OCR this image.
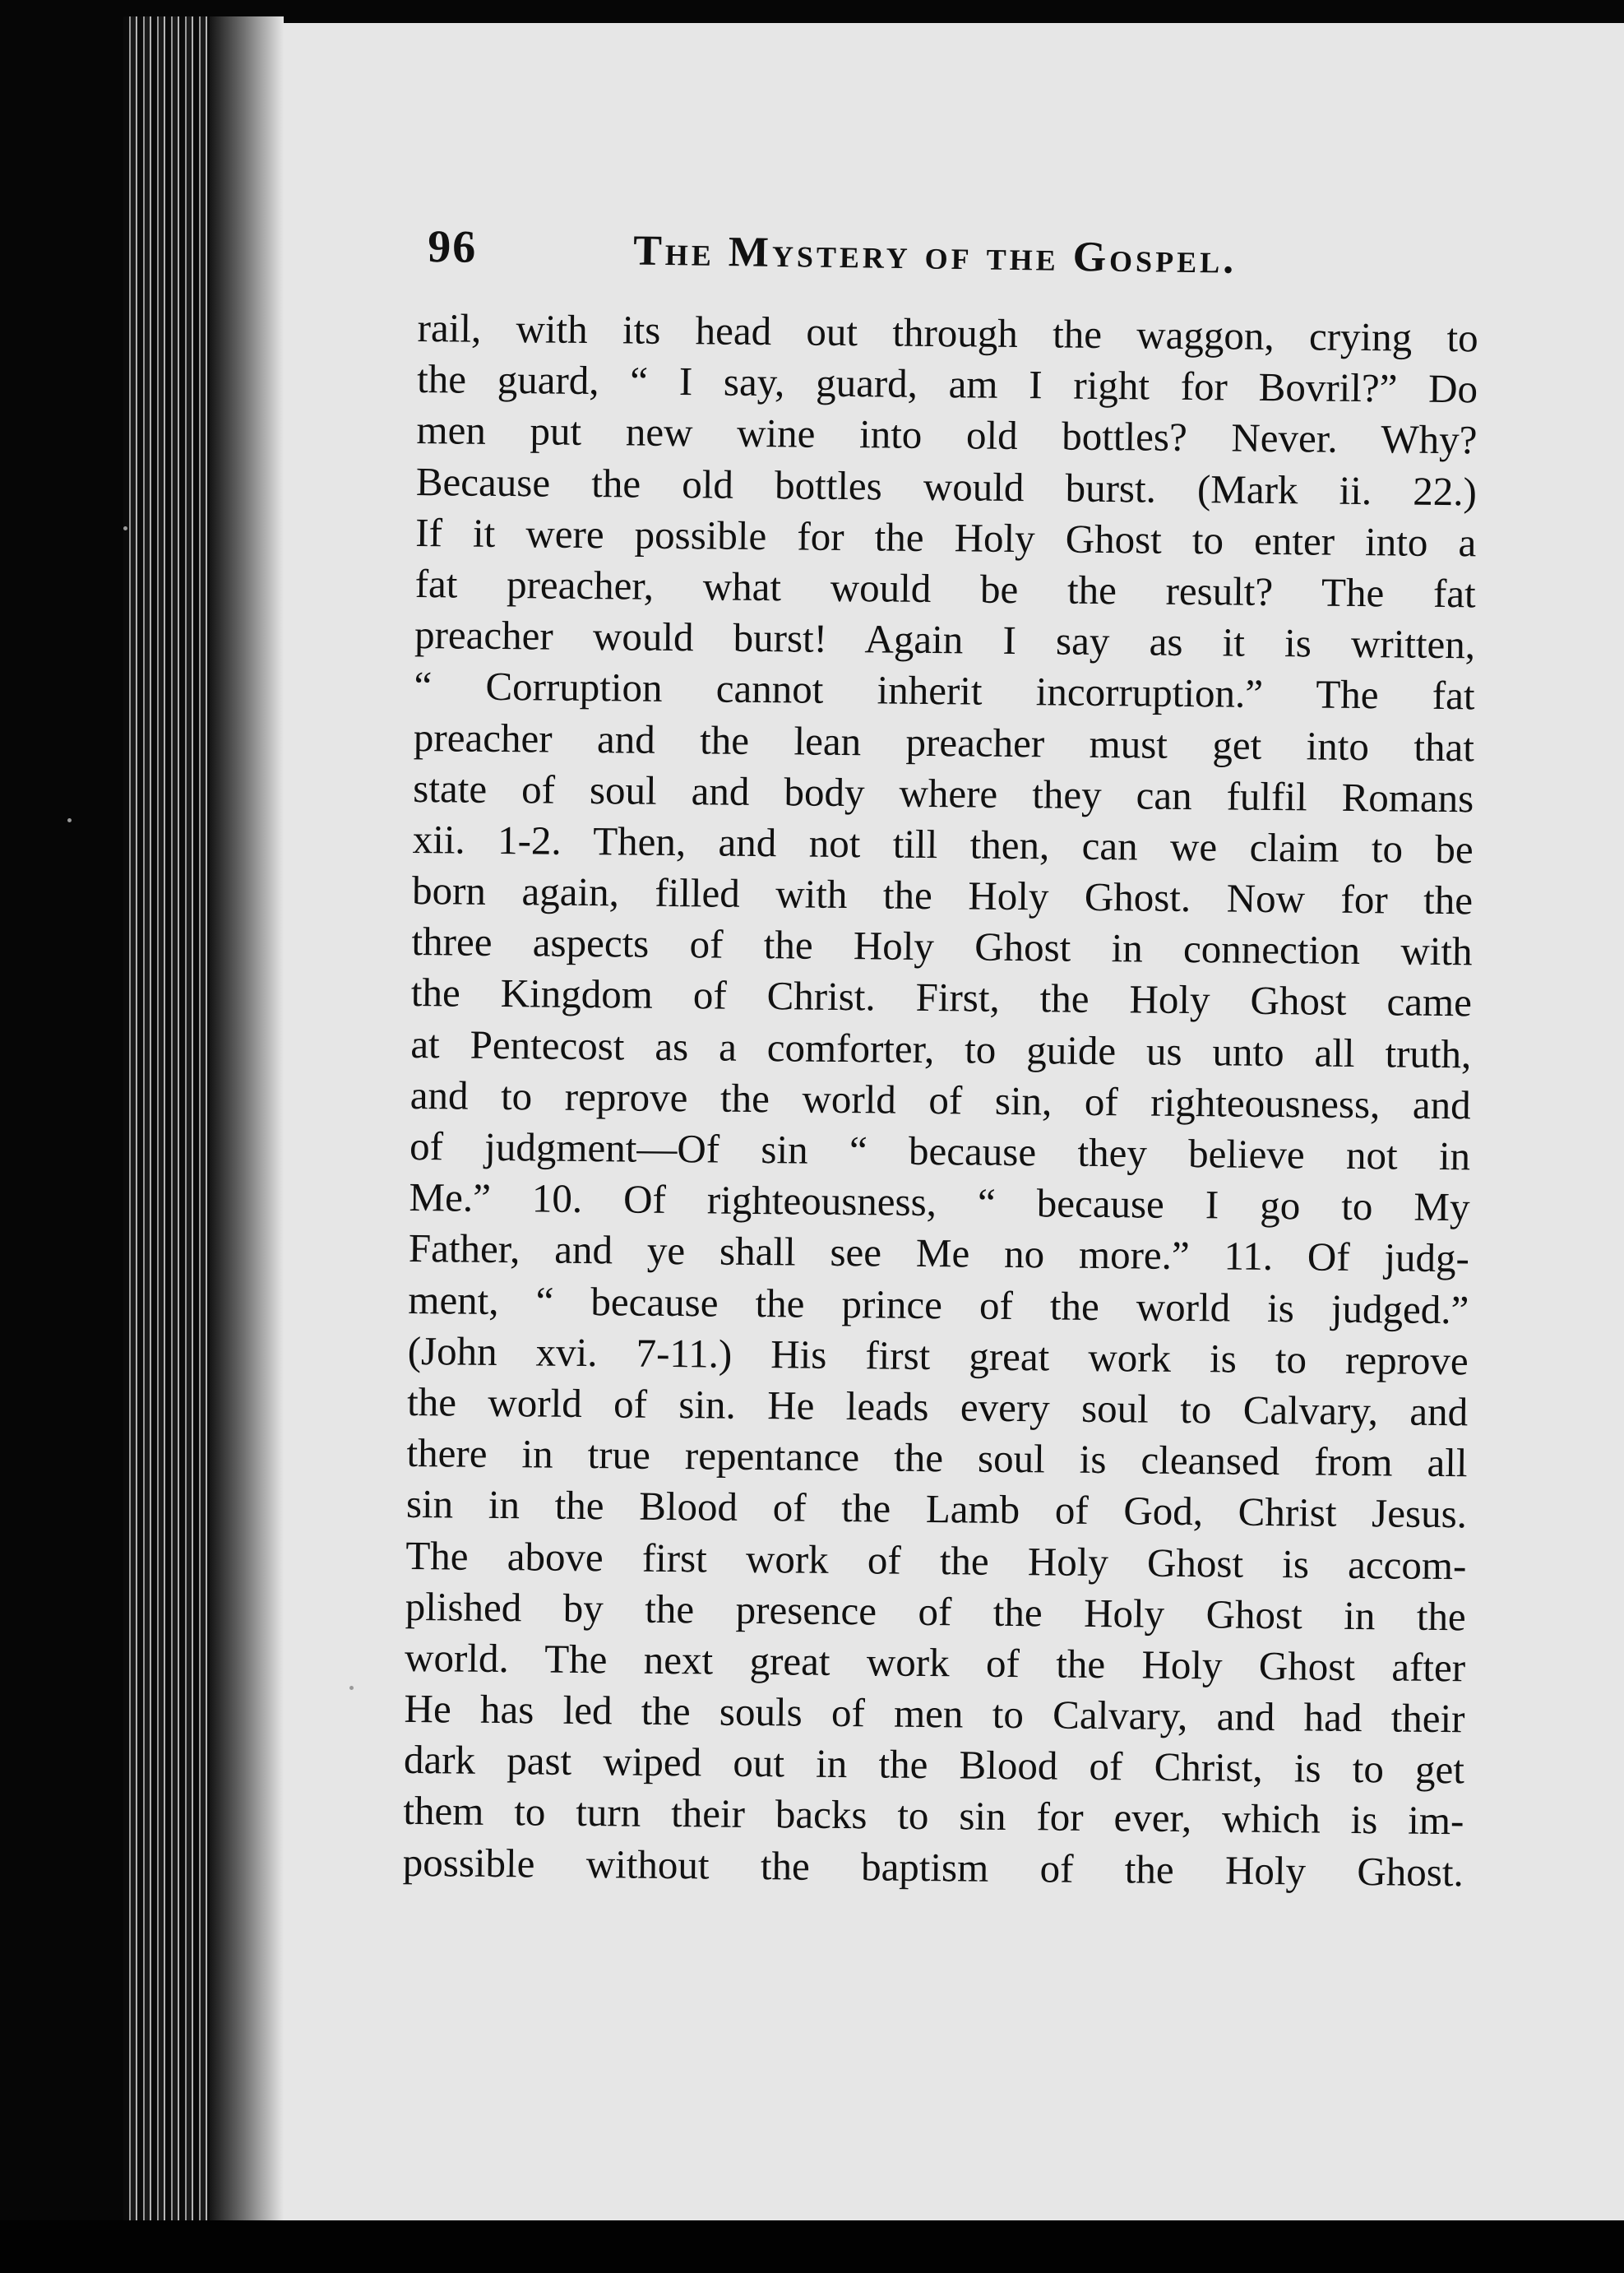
96	The Mystery of the Gospel.
rail, with its head out through the waggon, crying to
the guard, “ I say, guard, am I right for Bovril?” Do
men put new wine into old bottles? Never. Why?
Because the old bottles would burst. (Mark ii. 22.)
If it were possible for the Holy Ghost to enter into a
fat preacher, what would be the result? The fat
preacher would burst! Again I say as it is written,
“ Corruption cannot inherit incorruption.” The fat
preacher and the lean preacher must get into that
state of soul and body where they can fulfil Romans
xii. 1-2. Then, and not till then, can we claim to be
born again, filled with the Holy Ghost. Now for the
three aspects of the Holy Ghost in connection with
the Kingdom of Christ. First, the Holy Ghost came
at Pentecost as a comforter, to guide us unto all truth,
and to reprove the world of sin, of righteousness, and
of judgment—Of sin “ because they believe not in
Me.” 10. Of righteousness, “ because I go to My
Father, and ye shall see Me no more.” 11. Of judg-
ment, “ because the prince of the world is judged.”
(John xvi. 7-11.) His first great work is to reprove
the world of sin. He leads every soul to Calvary, and
there in true repentance the soul is cleansed from all
sin in the Blood of the Lamb of God, Christ Jesus.
The above first work of the Holy Ghost is accom-
plished by the presence of the Holy Ghost in the
world. The next great work of the Holy Ghost after
He has led the souls of men to Calvary, and had their
dark past wiped out in the Blood of Christ, is to get
them to turn their backs to sin for ever, which is im-
possible without the baptism of the Holy Ghost.
